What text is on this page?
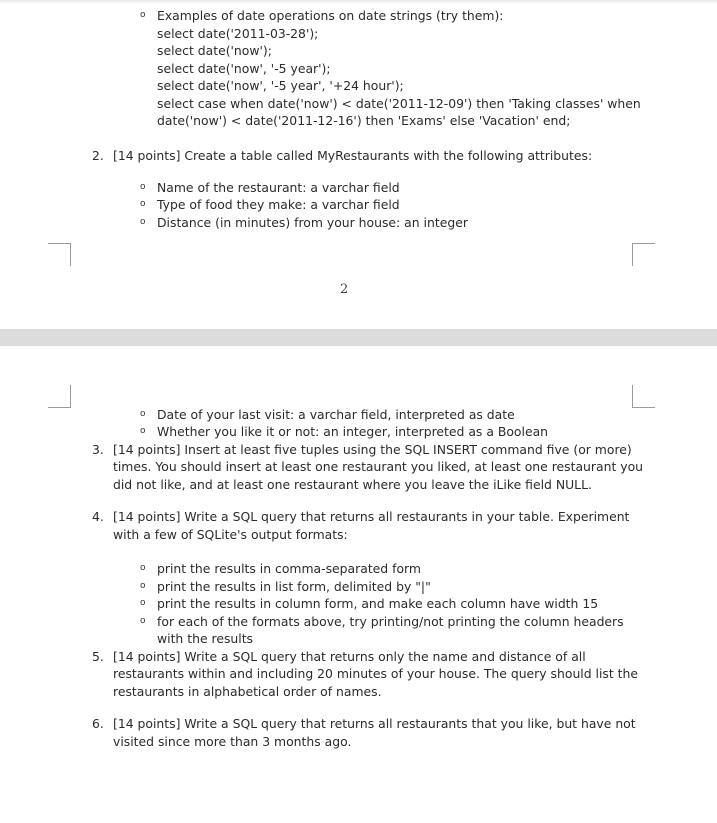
o Examples of date operations on date strings (try them):
select date('2011-03-28');
select date('now');
select date('now', '-5 year');
select date('now', '-5 year', '+24 hour');
select case when date('now') < date('2011-12-09') then 'Taking classes' when
date('now') < date('2011-12-16') then 'Exams' else 'Vacation' end;
2. [14 points] Create a table called MyRestaurants with the following attributes:
o Name of the restaurant: a varchar field
o Type of food they make: a varchar field
o Distance (in minutes) from your house: an integer
2
o Date of your last visit: a varchar field, interpreted as date
o Whether you like it or not: an integer, interpreted as a Boolean
3. [14 points] Insert at least five tuples using the SQL INSERT command five (or more)
times. You should insert at least one restaurant you liked, at least one restaurant you
did not like, and at least one restaurant where you leave the iLike field NULL.
4. [14 points] Write a SQL query that returns all restaurants in your table. Experiment
with a few of SQLite's output formats:
o print the results in comma-separated form
o print the results in list form, delimited by "|"
o print the results in column form, and make each column have width 15
o for each of the formats above, try printing/not printing the column headers
with the results
5. [14 points] Write a SQL query that returns only the name and distance of all
restaurants within and including 20 minutes of your house. The query should list the
restaurants in alphabetical order of names.
6. [14 points] Write a SQL query that returns all restaurants that you like, but have not
visited since more than 3 months ago.
